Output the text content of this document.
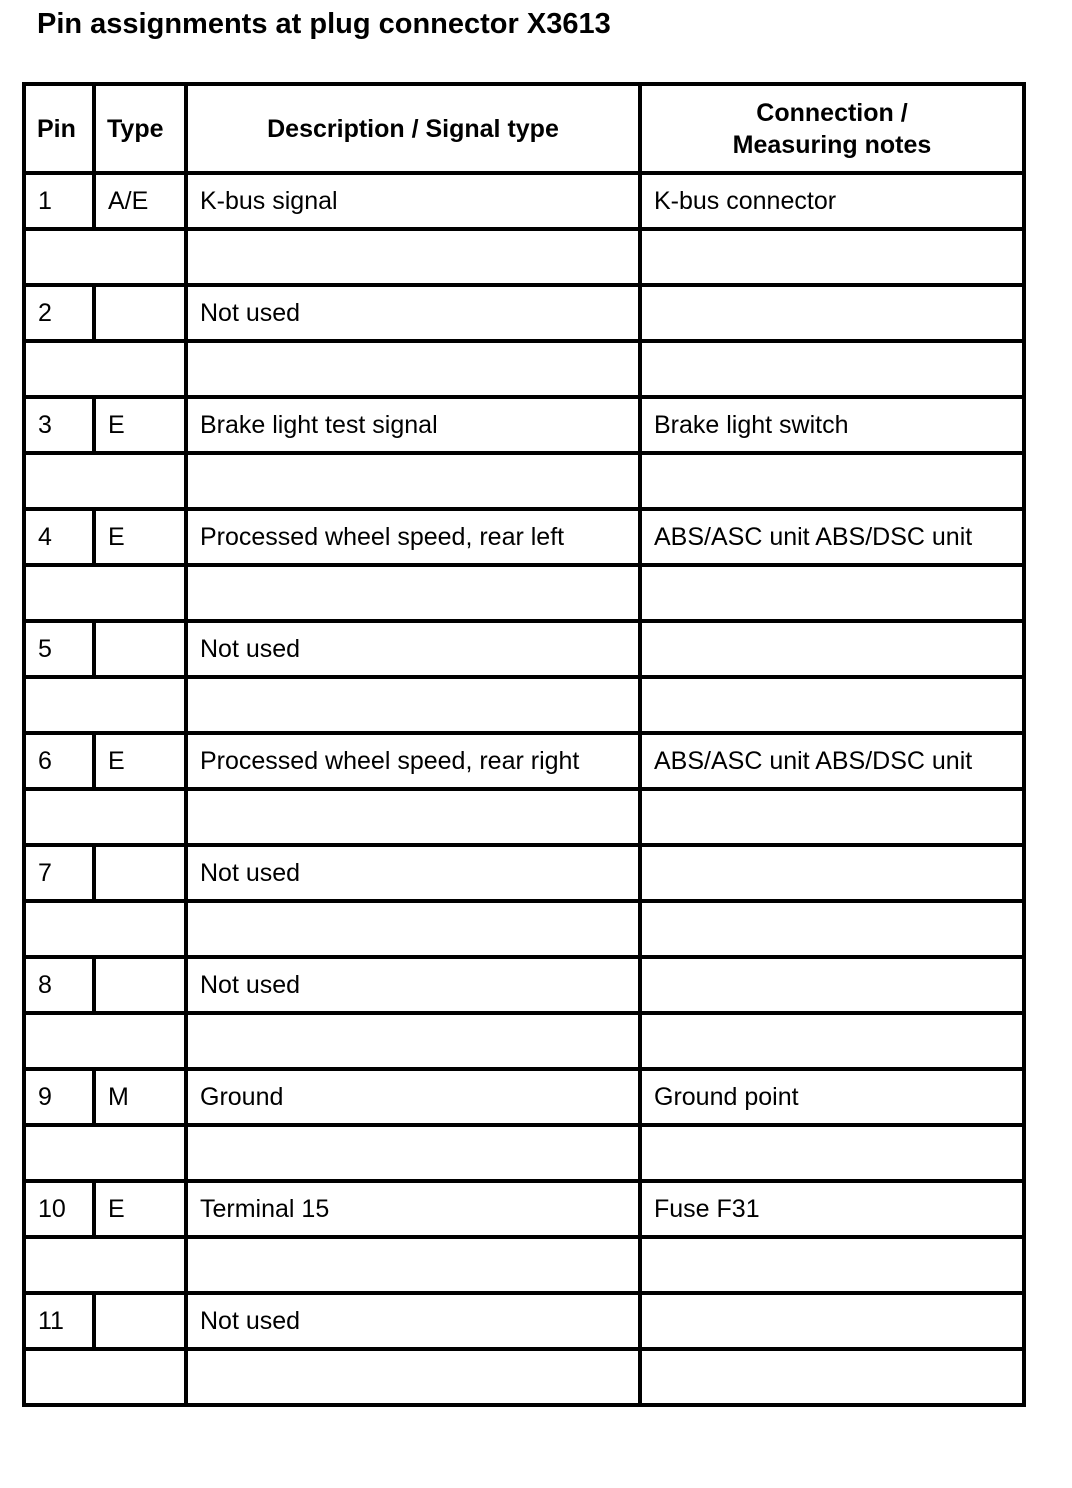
Pin assignments at plug connector X3613
Pin	Type	Description / Signal type	Connection /
Measuring notes
1	A/E	K-bus signal	K-bus connector

2		Not used	

3	E	Brake light test signal	Brake light switch

4	E	Processed wheel speed, rear left	ABS/ASC unit ABS/DSC unit

5		Not used	

6	E	Processed wheel speed, rear right	ABS/ASC unit ABS/DSC unit

7		Not used	

8		Not used	

9	M	Ground	Ground point

10	E	Terminal 15	Fuse F31

11		Not used	
